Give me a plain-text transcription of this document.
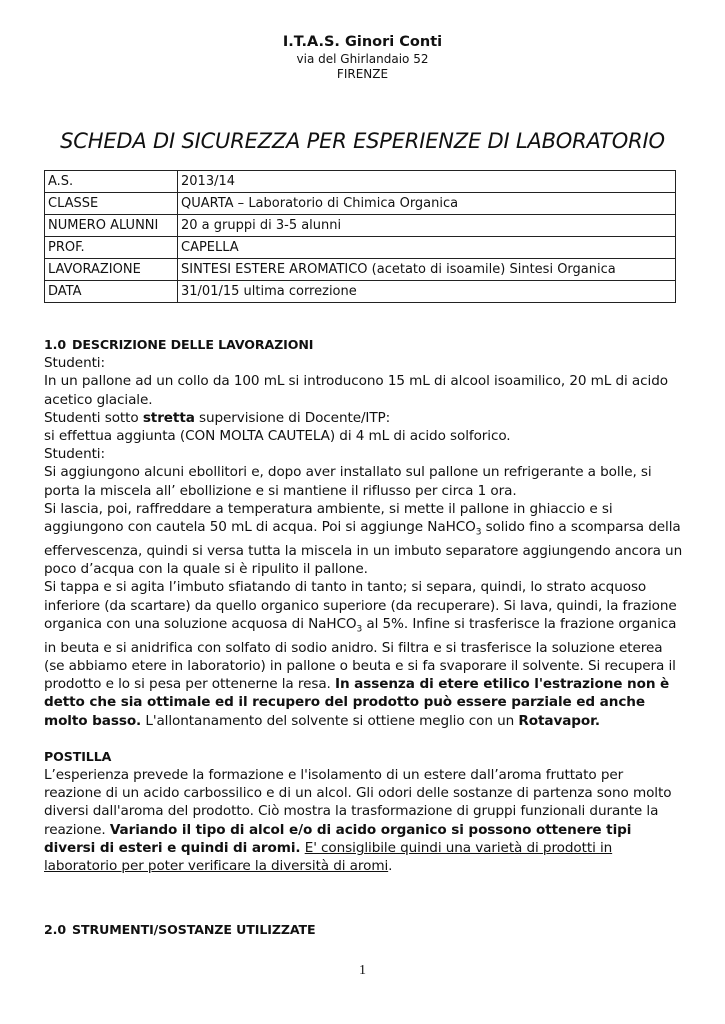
I.T.A.S. Ginori Conti
via del Ghirlandaio 52
FIRENZE
SCHEDA DI SICUREZZA PER ESPERIENZE DI LABORATORIO
A.S.	2013/14
CLASSE	QUARTA – Laboratorio di Chimica Organica
NUMERO ALUNNI	20 a gruppi di 3-5 alunni
PROF.	CAPELLA
LAVORAZIONE	SINTESI ESTERE AROMATICO (acetato di isoamile) Sintesi Organica
DATA	31/01/15 ultima correzione

1.0 DESCRIZIONE DELLE LAVORAZIONI

Studenti:

In un pallone ad un collo da 100 mL si introducono 15 mL di alcool isoamilico, 20 mL di acido acetico glaciale.

Studenti sotto stretta supervisione di Docente/ITP:

si effettua aggiunta (CON MOLTA CAUTELA) di 4 mL di acido solforico.

Studenti:

Si aggiungono alcuni ebollitori e, dopo aver installato sul pallone un refrigerante a bolle, si porta la miscela all’ ebollizione e si mantiene il riflusso per circa 1 ora.

Si lascia, poi, raffreddare a temperatura ambiente, si mette il pallone in ghiaccio e si aggiungono con cautela 50 mL di acqua. Poi si aggiunge NaHCO$_3$ solido fino a scomparsa della effervescenza, quindi si versa tutta la miscela in un imbuto separatore aggiungendo ancora un poco d’acqua con la quale si è ripulito il pallone.

Si tappa e si agita l’imbuto sfiatando di tanto in tanto; si separa, quindi, lo strato acquoso inferiore (da scartare) da quello organico superiore (da recuperare). Si lava, quindi, la frazione organica con una soluzione acquosa di NaHCO$_3$ al 5%. Infine si trasferisce la frazione organica in beuta e si anidrifica con solfato di sodio anidro. Si filtra e si trasferisce la soluzione eterea (se abbiamo etere in laboratorio) in pallone o beuta e si fa svaporare il solvente. Si recupera il prodotto e lo si pesa per ottenerne la resa. In assenza di etere etilico l'estrazione non è detto che sia ottimale ed il recupero del prodotto può essere parziale ed anche molto basso. L'allontanamento del solvente si ottiene meglio con un Rotavapor.

POSTILLA

L’esperienza prevede la formazione e l'isolamento di un estere dall’aroma fruttato per reazione di un acido carbossilico e di un alcol. Gli odori delle sostanze di partenza sono molto diversi dall'aroma del prodotto. Ciò mostra la trasformazione di gruppi funzionali durante la reazione. Variando il tipo di alcol e/o di acido organico si possono ottenere tipi diversi di esteri e quindi di aromi. E' consiglibile quindi una varietà di prodotti in laboratorio per poter verificare la diversità di aromi.

2.0 STRUMENTI/SOSTANZE UTILIZZATE

1
